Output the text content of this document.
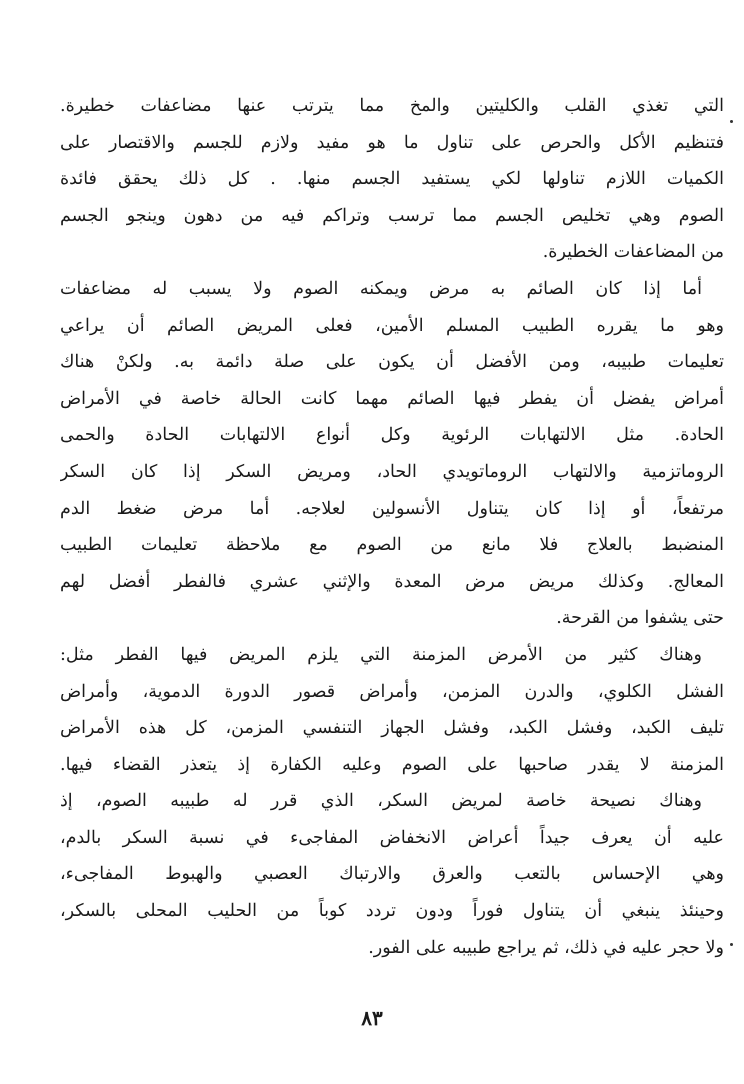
التي تغذي القلب والكليتين والمخ مما يترتب عنها مضاعفات خطيرة.
فتنظيم الأكل والحرص على تناول ما هو مفيد ولازم للجسم والاقتصار على
الكميات اللازم تناولها لكي يستفيد الجسم منها. . كل ذلك يحقق فائدة
الصوم وهي تخليص الجسم مما ترسب وتراكم فيه من دهون وينجو الجسم
من المضاعفات الخطيرة.

أما إذا كان الصائم به مرض ويمكنه الصوم ولا يسبب له مضاعفات
وهو ما يقرره الطبيب المسلم الأمين، فعلى المريض الصائم أن يراعي
تعليمات طبيبه، ومن الأفضل أن يكون على صلة دائمة به. ولكنْ هناك
أمراض يفضل أن يفطر فيها الصائم مهما كانت الحالة خاصة في الأمراض
الحادة. مثل الالتهابات الرئوية وكل أنواع الالتهابات الحادة والحمى
الروماتزمية والالتهاب الروماتويدي الحاد، ومريض السكر إذا كان السكر
مرتفعاً، أو إذا كان يتناول الأنسولين لعلاجه. أما مرض ضغط الدم
المنضبط بالعلاج فلا مانع من الصوم مع ملاحظة تعليمات الطبيب
المعالج. وكذلك مريض مرض المعدة والإثني عشري فالفطر أفضل لهم
حتى يشفوا من القرحة.

وهناك كثير من الأمرض المزمنة التي يلزم المريض فيها الفطر مثل:
الفشل الكلوي، والدرن المزمن، وأمراض قصور الدورة الدموية، وأمراض
تليف الكبد، وفشل الكبد، وفشل الجهاز التنفسي المزمن، كل هذه الأمراض
المزمنة لا يقدر صاحبها على الصوم وعليه الكفارة إذ يتعذر القضاء فيها.

وهناك نصيحة خاصة لمريض السكر، الذي قرر له طبيبه الصوم، إذ
عليه أن يعرف جيداً أعراض الانخفاض المفاجىء في نسبة السكر بالدم،
وهي الإحساس بالتعب والعرق والارتباك العصبي والهبوط المفاجىء،
وحينئذ ينبغي أن يتناول فوراً ودون تردد كوباً من الحليب المحلى بالسكر،
ولا حجر عليه في ذلك، ثم يراجع طبيبه على الفور.

٨٣
